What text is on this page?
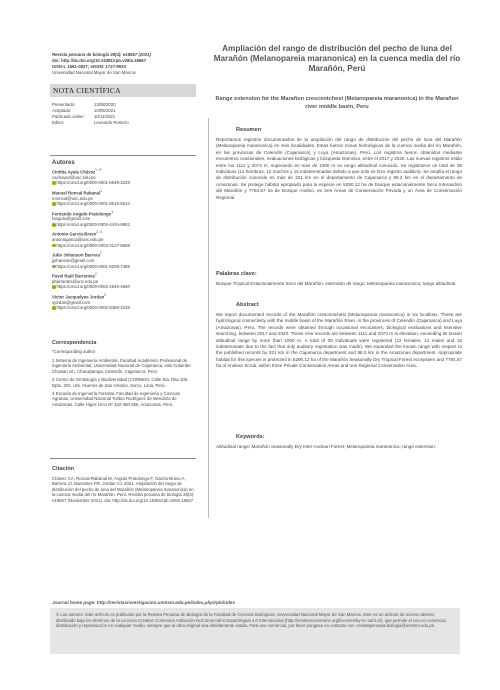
Revista peruana de biología 28(4): e18567 (2021)
doi: http://dx.doi.org/10.15381/rpb.v28i4.18567
ISSN-L 1561-0837; eISSN: 1727-9933
Universidad Nacional Mayor de San Marcos
NOTA CIENTÍFICA
Presentado:	13/08/2020
Aceptado:	10/05/2021
Publicado online:	10/11/2021
Editor:	Leonardo Romero
Autores
Cinthia Ayala Chávez$^{1, 2*}$
cachavez@unc.edu.pe
https://orcid.org/0000-0001-6649-3228
Manuel Roncal Rabanal$^1$
mroncal@unc.edu.pe
https://orcid.org/0000-0001-8619-5544
Fernando Angulo Pratolongo$^3$
fangulo@gmail.com
https://orcid.org/0000-0002-4434-9952
Antonio García-Bravo$^{2, 4}$
antoniogarcia@unc.edu.pe
https://orcid.org/0000-0003-3127-6658
Julio Johanson Barrera$^2$
jjohanson@gmail.com
https://orcid.org/0000-0001-9259-7486
Pavel Raúl Barrantes$^2$
pbarrantes@unc.edu.pe
https://orcid.org/0000-0002-1945-4560
Victor Jacquelyne Jordan$^2$
vjordan@gmail.com
https://orcid.org/0000-0002-8488-3238
Correspondencia
*Corresponding author

1 Sistema de Ingeniería Ambiental, Facultad Académico Profesional de Ingeniería Ambiental, Universidad Nacional de Cajamarca, sitio Colambe. Chuisan s/n, Chacapampa, Celendín, Cajamarca, Perú.

2 Centro de Ornitología y Biodiversidad (CORBIDI). Calle Sta. Rita 105, Dpto. 202, Urb. Huertos de San Antonio, Surco, Lima, Perú.

3 Escuela de Ingeniería Forestal, Facultad de Ingeniería y Ciencias Agrarias, Universidad Nacional Toribio Rodríguez de Mendoza de Amazonas. Calle Higos Urco Nº 342-350-356, Amazonas, Perú.

Citación
Chávez CA, Roncal-Rabanal M, Angulo Pratolongo F, García-Bravo A, Barrera JJ, Barrantes PR, Jordan VJ. 2021. Ampliación del rango de distribución del pecho de luna del Marañón (Melanopareia maranonica) en la cuenca media del río Marañón, Perú. Revista peruana de biología 28(4): e18567 (Noviembre 2021). doi: http://dx.doi.org/10.15381/rpb.v28i4.18567
Ampliación del rango de distribución del pecho de luna del Marañón (Melanopareia maranonica) en la cuenca media del río Marañón, Perú
Range extension for the Marañon crescentchest (Melanopareia maranonica) in the Marañon river middle basin, Peru
Resumen
Reportamos registros documentados de la ampliación del rango de distribución del pecho de luna del Marañón (Melanopareia maranonica) en seis localidades. Estas fueron zonas hidrológicas de la cuenca media del río Marañón, en las provincias de Celendín (Cajamarca) y Luya (Amazonas), Perú. Los registros fueron obtenidos mediante encuentros ocasionales, evaluaciones biológicas y búsqueda intensiva, entre el 2017 y 2020. Las nuevas registros están entre los 1111 y 2074 m, superando en más de 1000 m su rango altitudinal conocido. Se registraron un total de 39 individuos (12 hembras, 12 machos y 15 indeterminados debido a que solo se hizo registro auditivo). Se amplía el rango de distribución conocido en más de 321 km en el departamento de Cajamarca y 98.2 km en el departamento de Amazonas. Se protege hábitat apropiado para la especie en 5290.12 ha de bosque estacionalmente Seco Interandino del Marañón y 7784.57 ha de Bosque Andino, en tres Áreas de Conservación Privada y un Área de Conservación Regional.
Palabras clave:
Bosque Tropical Estacionalmente Seco del Marañón; extensión de rango; Melanopareia maranonica; rango altitudinal.
Abstract
We report documented records of the Marañón crescentchest (Melanopareia maranonica) in six localities. These are hydrological connectivity with the middle basin of the Marañón River, in the provinces of Celendín (Cajamarca) and Luya (Amazonas), Peru. The records were obtained through occasional encounters, biological evaluations and intensive searching, between 2017 and 2020. These new records are between 1111 and 2074 m in elevation, exceeding its known altitudinal range by more than 1000 m. A total of 39 individuals were registered (12 females, 12 males and 15 indeterminate due to the fact that only auditory registration was made). We expanded the known range with respect to the published records by 321 km in the Cajamarca department and 98.2 km in the Amazonas department. Appropriate habitat for this species is protected in 5290.12 ha of the Marañón Seasonally Dry Tropical Forest ecosystem and 7784.57 ha of Andean Scrub, within three Private Conservation Areas and one Regional Conservation Area.
Keywords:
Altitudinal range; Marañón Seasonally Dry Inter-Andean Forest; Melanopareia maranonica; range extension.
Journal home page: http://revistasinvestigacion.unmsm.edu.pe/index.php/rpb/index
© Los autores. Este artículo es publicado por la Revista Peruana de Biología de la Facultad de Ciencias Biológicas, Universidad Nacional Mayor de San Marcos. Este es un artículo de acceso abierto, distribuido bajo los términos de la Licencia Creative Commons Atribución-NoComercial-CompartirIgual 4.0 Internacional (http://creativecommons.org/licenses/by-nc-sa/4.0/), que permite el uso no comercial, distribución y reproducción en cualquier medio, siempre que la obra original sea debidamente citada. Para uso comercial, por favor póngase en contacto con: revistaperuana.biologia@unmsm.edu.pe.
